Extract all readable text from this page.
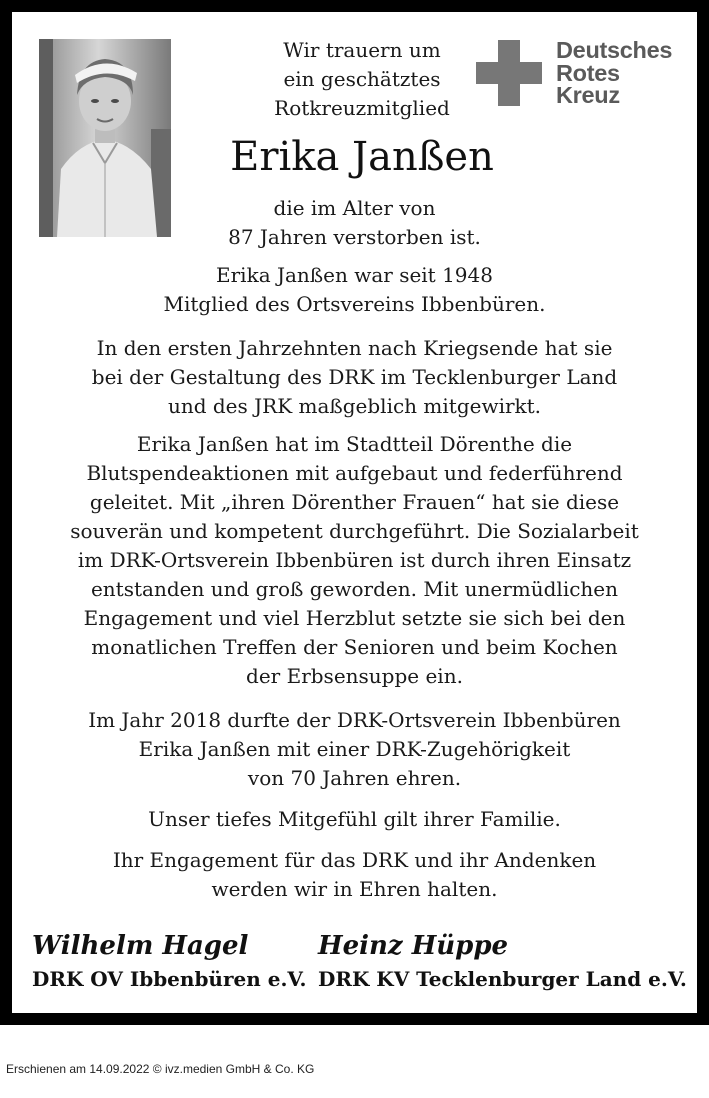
Wir trauern um
ein geschätztes
Rotkreuzmitglied
Deutsches
Rotes
Kreuz
Erika Janßen
die im Alter von
87 Jahren verstorben ist.
Erika Janßen war seit 1948
Mitglied des Ortsvereins Ibbenbüren.
In den ersten Jahrzehnten nach Kriegsende hat sie
bei der Gestaltung des DRK im Tecklenburger Land
und des JRK maßgeblich mitgewirkt.
Erika Janßen hat im Stadtteil Dörenthe die
Blutspendeaktionen mit aufgebaut und federführend
geleitet. Mit „ihren Dörenther Frauen“ hat sie diese
souverän und kompetent durchgeführt. Die Sozialarbeit
im DRK-Ortsverein Ibbenbüren ist durch ihren Einsatz
entstanden und groß geworden. Mit unermüdlichen
Engagement und viel Herzblut setzte sie sich bei den
monatlichen Treffen der Senioren und beim Kochen
der Erbsensuppe ein.
Im Jahr 2018 durfte der DRK-Ortsverein Ibbenbüren
Erika Janßen mit einer DRK-Zugehörigkeit
von 70 Jahren ehren.
Unser tiefes Mitgefühl gilt ihrer Familie.
Ihr Engagement für das DRK und ihr Andenken
werden wir in Ehren halten.
Wilhelm Hagel
DRK OV Ibbenbüren e.V.
Heinz Hüppe
DRK KV Tecklenburger Land e.V.
Erschienen am 14.09.2022 © ivz.medien GmbH & Co. KG
